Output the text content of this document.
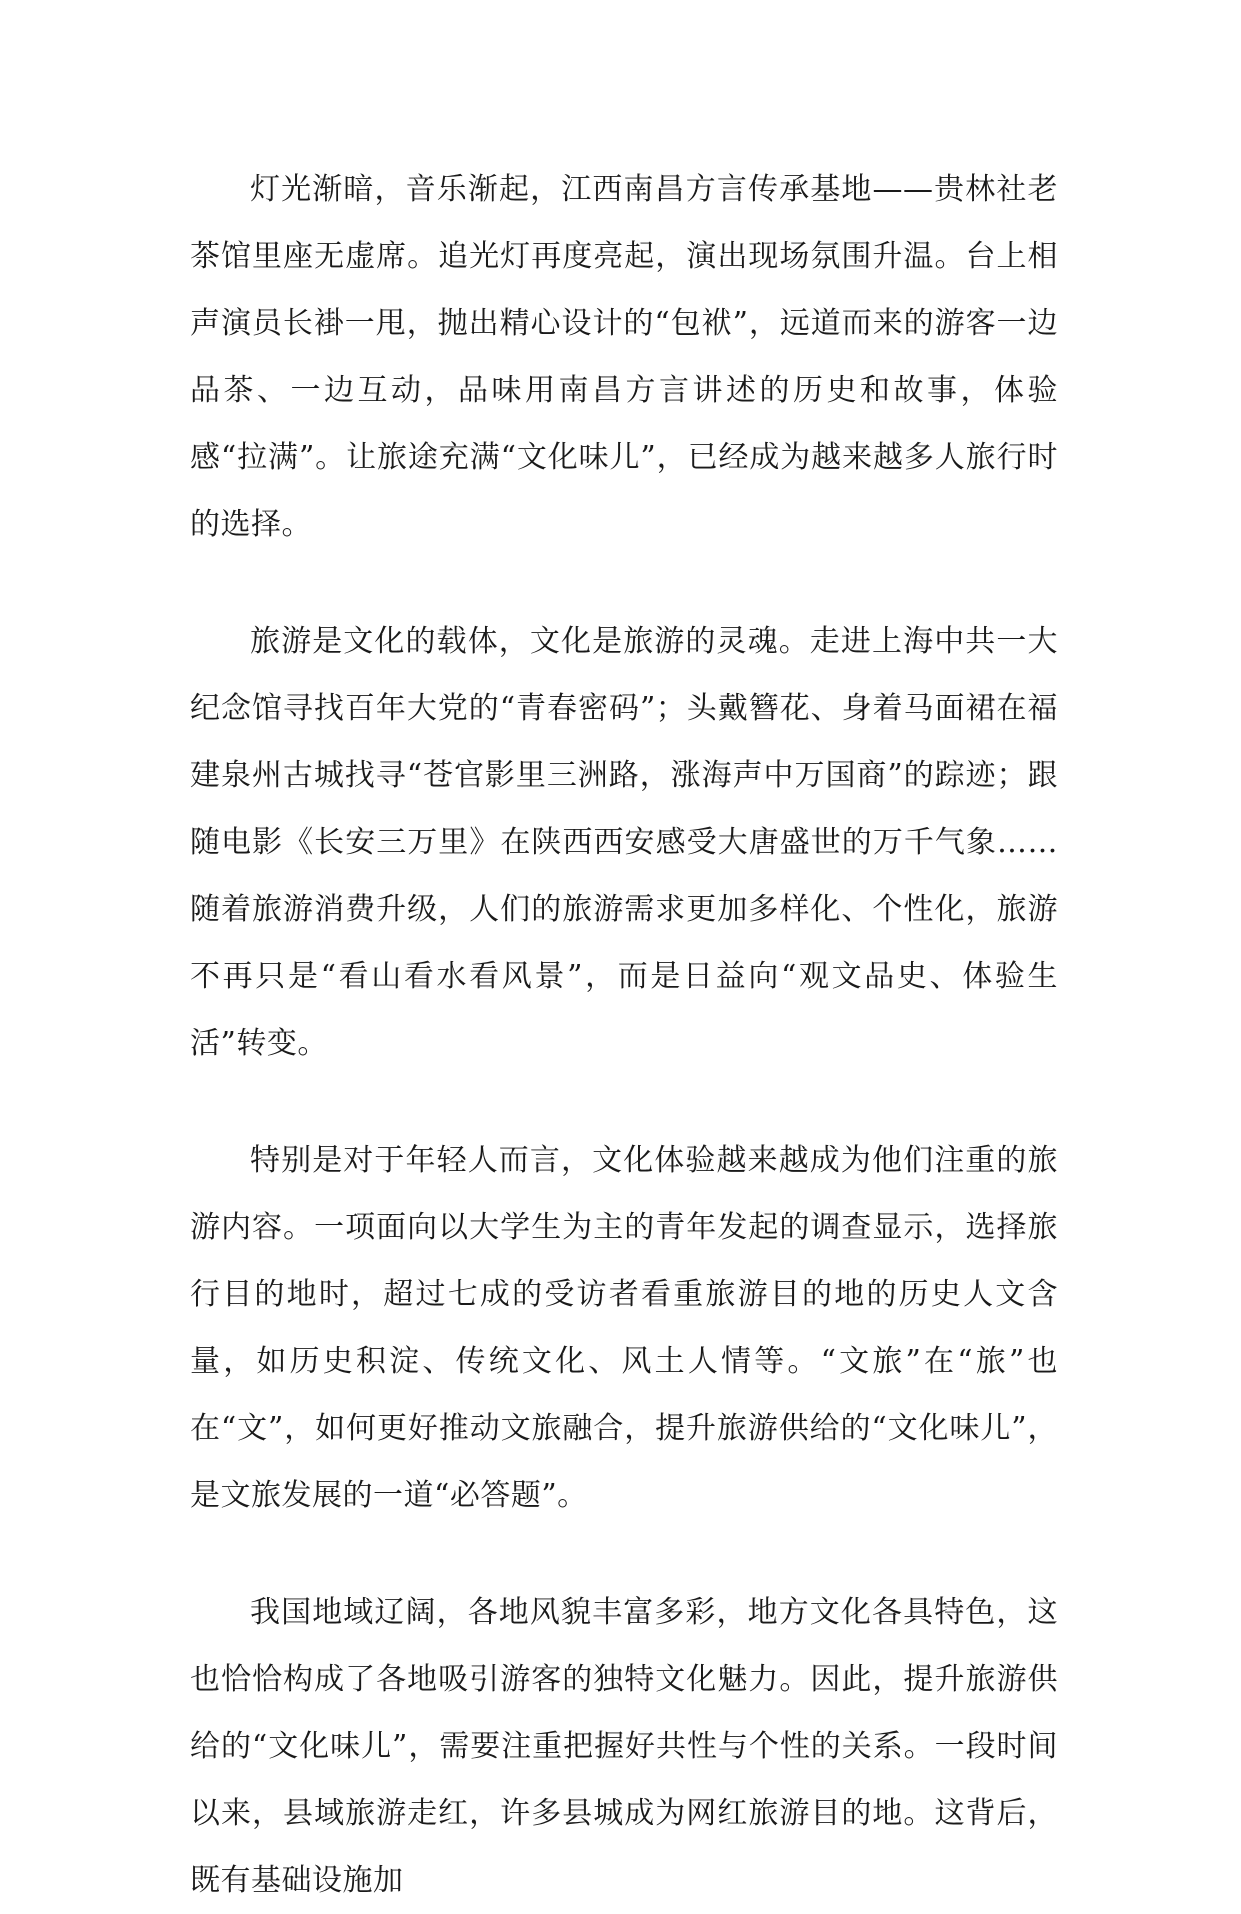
灯光渐暗，音乐渐起，江西南昌方言传承基地——贵林社老茶馆里座无虚席。追光灯再度亮起，演出现场氛围升温。台上相声演员长褂一甩，抛出精心设计的“包袱”，远道而来的游客一边品茶、一边互动，品味用南昌方言讲述的历史和故事，体验感“拉满”。让旅途充满“文化味儿”，已经成为越来越多人旅行时的选择。

旅游是文化的载体，文化是旅游的灵魂。走进上海中共一大纪念馆寻找百年大党的“青春密码”；头戴簪花、身着马面裙在福建泉州古城找寻“苍官影里三洲路，涨海声中万国商”的踪迹；跟随电影《长安三万里》在陕西西安感受大唐盛世的万千气象……随着旅游消费升级，人们的旅游需求更加多样化、个性化，旅游不再只是“看山看水看风景”，而是日益向“观文品史、体验生活”转变。

特别是对于年轻人而言，文化体验越来越成为他们注重的旅游内容。一项面向以大学生为主的青年发起的调查显示，选择旅行目的地时，超过七成的受访者看重旅游目的地的历史人文含量，如历史积淀、传统文化、风土人情等。“文旅”在“旅”也在“文”，如何更好推动文旅融合，提升旅游供给的“文化味儿”，是文旅发展的一道“必答题”。

我国地域辽阔，各地风貌丰富多彩，地方文化各具特色，这也恰恰构成了各地吸引游客的独特文化魅力。因此，提升旅游供给的“文化味儿”，需要注重把握好共性与个性的关系。一段时间以来，县域旅游走红，许多县城成为网红旅游目的地。这背后，既有基础设施加
